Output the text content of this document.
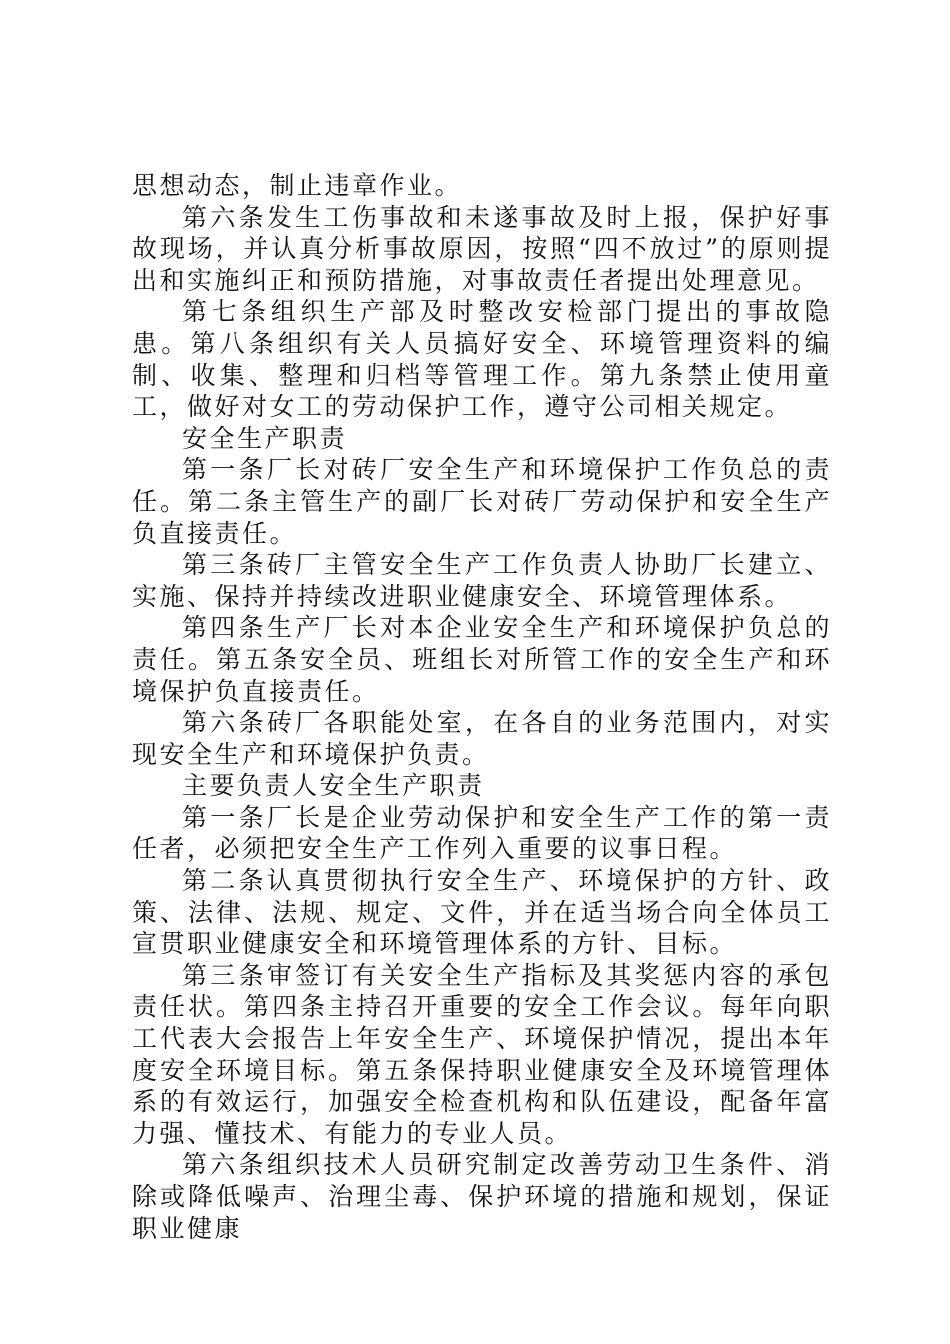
思想动态，制止违章作业。

第六条发生工伤事故和未遂事故及时上报，保护好事故现场，并认真分析事故原因，按照“四不放过”的原则提出和实施纠正和预防措施，对事故责任者提出处理意见。

第七条组织生产部及时整改安检部门提出的事故隐患。第八条组织有关人员搞好安全、环境管理资料的编制、收集、整理和归档等管理工作。第九条禁止使用童工，做好对女工的劳动保护工作，遵守公司相关规定。

安全生产职责

第一条厂长对砖厂安全生产和环境保护工作负总的责任。第二条主管生产的副厂长对砖厂劳动保护和安全生产负直接责任。

第三条砖厂主管安全生产工作负责人协助厂长建立、实施、保持并持续改进职业健康安全、环境管理体系。

第四条生产厂长对本企业安全生产和环境保护负总的责任。第五条安全员、班组长对所管工作的安全生产和环境保护负直接责任。

第六条砖厂各职能处室，在各自的业务范围内，对实现安全生产和环境保护负责。

主要负责人安全生产职责

第一条厂长是企业劳动保护和安全生产工作的第一责任者，必须把安全生产工作列入重要的议事日程。

第二条认真贯彻执行安全生产、环境保护的方针、政策、法律、法规、规定、文件，并在适当场合向全体员工宣贯职业健康安全和环境管理体系的方针、目标。

第三条审签订有关安全生产指标及其奖惩内容的承包责任状。第四条主持召开重要的安全工作会议。每年向职工代表大会报告上年安全生产、环境保护情况，提出本年度安全环境目标。第五条保持职业健康安全及环境管理体系的有效运行，加强安全检查机构和队伍建设，配备年富力强、懂技术、有能力的专业人员。

第六条组织技术人员研究制定改善劳动卫生条件、消除或降低噪声、治理尘毒、保护环境的措施和规划，保证职业健康
